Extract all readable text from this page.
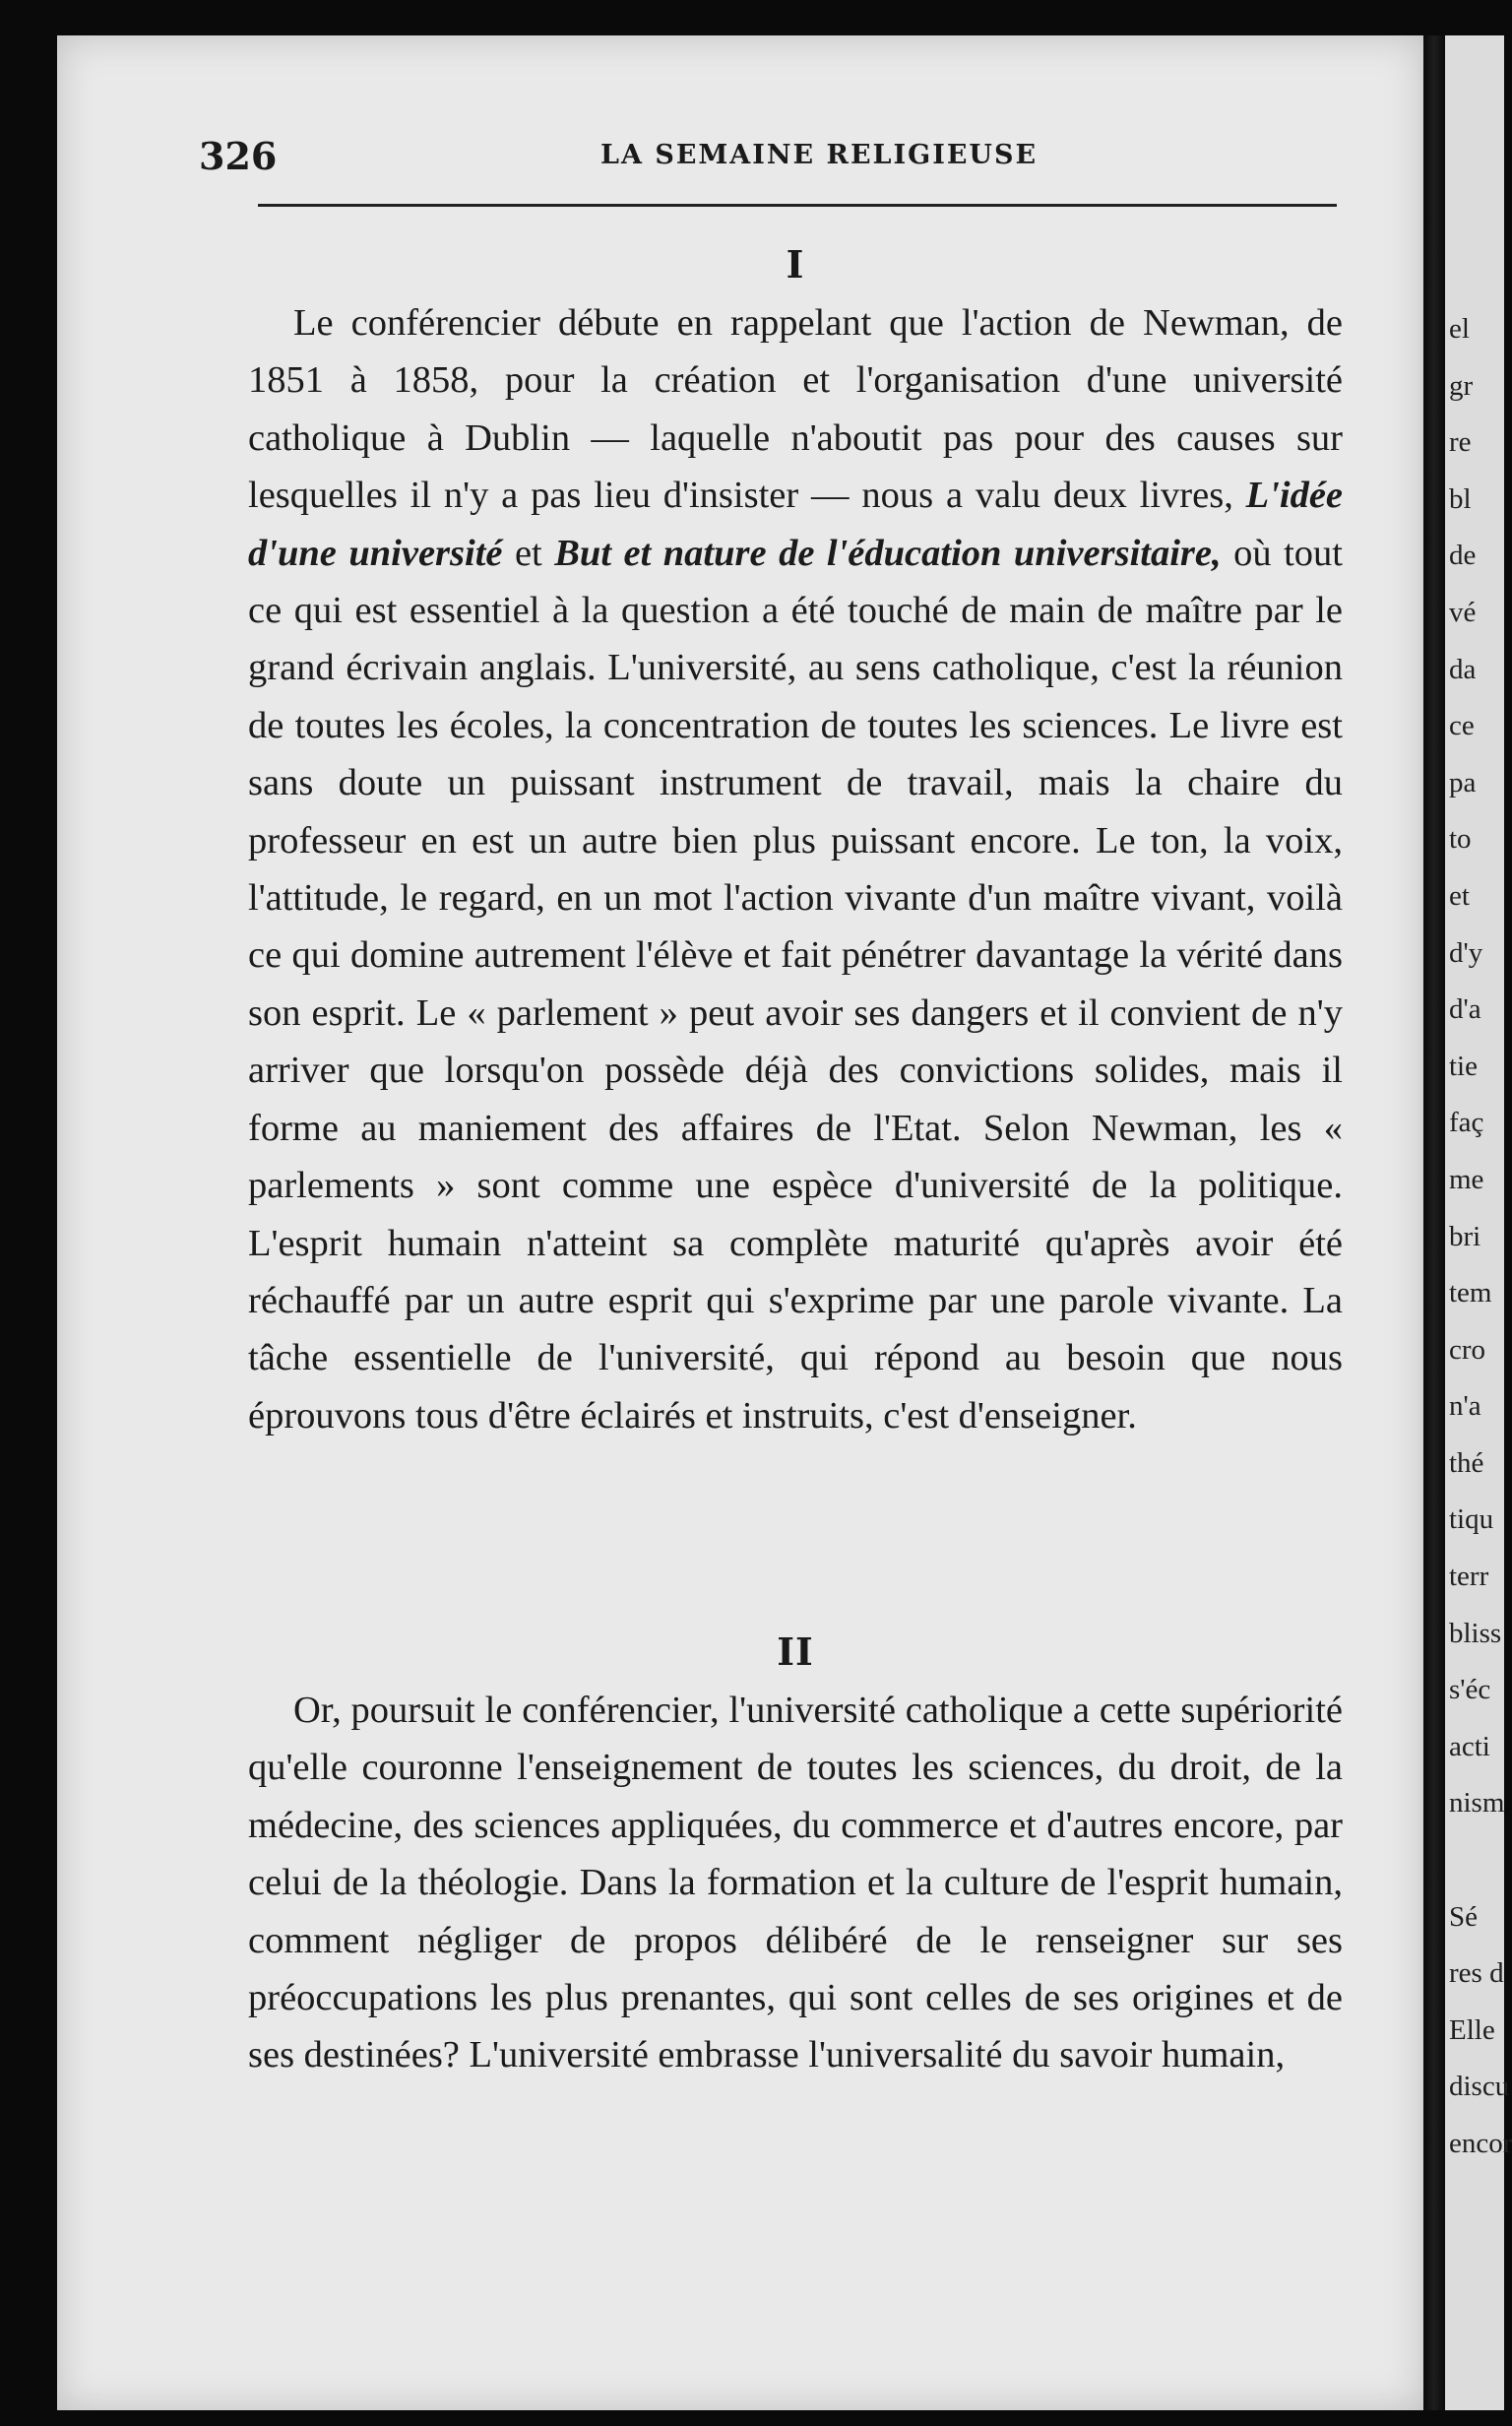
326	LA SEMAINE RELIGIEUSE
I

Le conférencier débute en rappelant que l'action de Newman, de 1851 à 1858, pour la création et l'organisation d'une université catholique à Dublin — laquelle n'aboutit pas pour des causes sur lesquelles il n'y a pas lieu d'insister — nous a valu deux livres, L'idée d'une université et But et nature de l'éducation universitaire, où tout ce qui est essentiel à la question a été touché de main de maître par le grand écrivain anglais. L'université, au sens catholique, c'est la réunion de toutes les écoles, la concentration de toutes les sciences. Le livre est sans doute un puissant instrument de travail, mais la chaire du professeur en est un autre bien plus puissant encore. Le ton, la voix, l'attitude, le regard, en un mot l'action vivante d'un maître vivant, voilà ce qui domine autrement l'élève et fait pénétrer davantage la vérité dans son esprit. Le « parlement » peut avoir ses dangers et il convient de n'y arriver que lorsqu'on possède déjà des convictions solides, mais il forme au maniement des affaires de l'Etat. Selon Newman, les « parlements » sont comme une espèce d'université de la politique. L'esprit humain n'atteint sa complète maturité qu'après avoir été réchauffé par un autre esprit qui s'exprime par une parole vivante. La tâche essentielle de l'université, qui répond au besoin que nous éprouvons tous d'être éclairés et instruits, c'est d'enseigner.

II

Or, poursuit le conférencier, l'université catholique a cette supériorité qu'elle couronne l'enseignement de toutes les sciences, du droit, de la médecine, des sciences appliquées, du commerce et d'autres encore, par celui de la théologie. Dans la formation et la culture de l'esprit humain, comment négliger de propos délibéré de le renseigner sur ses préoccupations les plus prenantes, qui sont celles de ses origines et de ses destinées? L'université embrasse l'universalité du savoir humain,

el
gr
re
bl
de
vé
da
ce
pa
to
et
d'y
d'a
tie
faç
me
bri
tem
cro
n'a
thé
tiqu
terr
bliss
s'éc
acti
nism

Sé
res d
Elle
discu
encor
